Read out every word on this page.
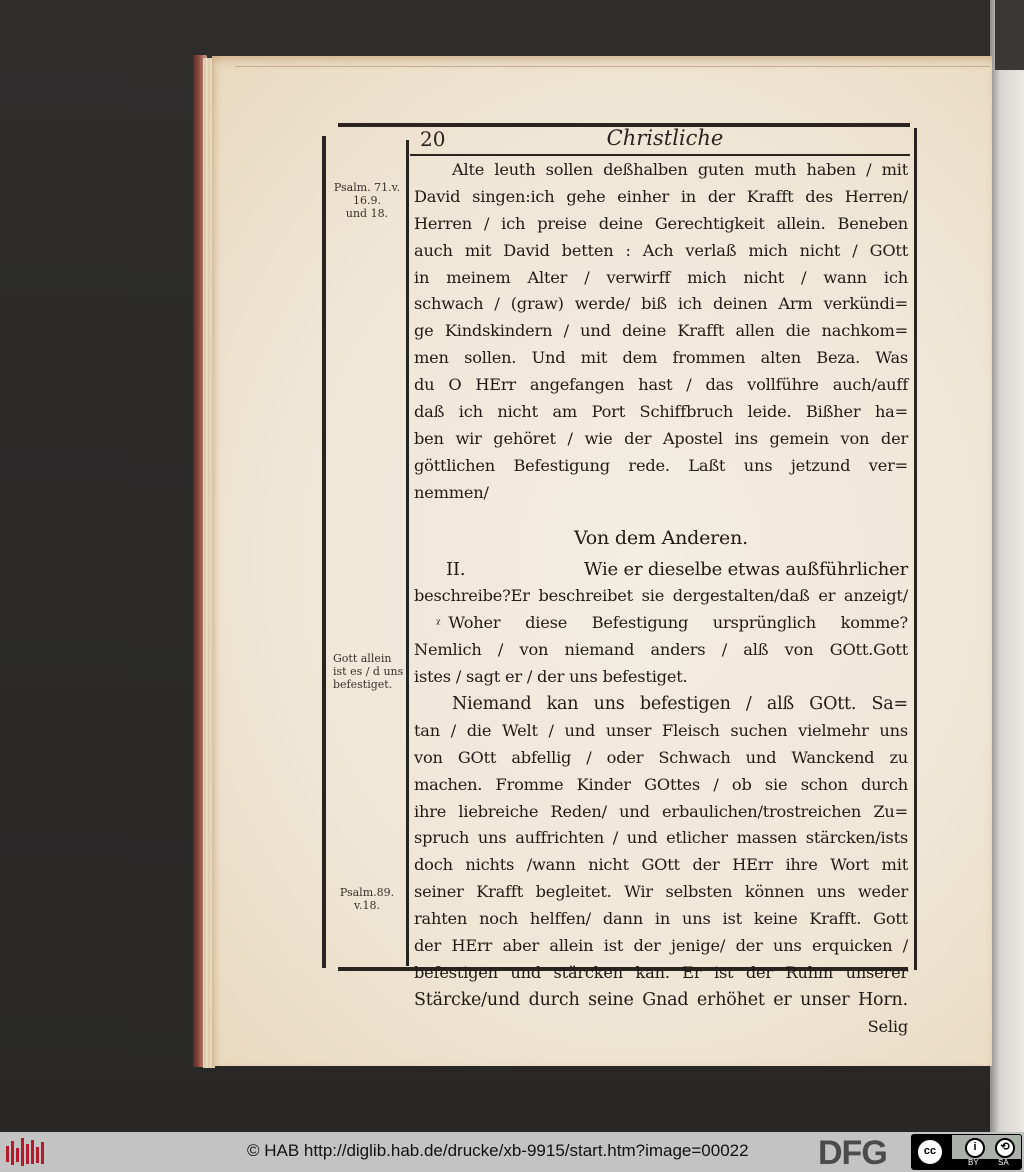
20	Christliche
Psalm. 71.v.
16.9.
und 18.
Gott allein
ist es / d uns
befestiget.
Psalm.89.
v.18.
Alte leuth sollen deßhalben guten muth haben / mit
David singen:ich gehe einher in der Krafft des Herren/
Herren / ich preise deine Gerechtigkeit allein. Beneben
auch mit David betten : Ach verlaß mich nicht / GOtt
in meinem Alter / verwirff mich nicht / wann ich
schwach / (graw) werde/ biß ich deinen Arm verkündi=
ge Kindskindern / und deine Krafft allen die nachkom=
men sollen. Und mit dem frommen alten Beza. Was
du O HErr angefangen hast / das vollführe auch/auff
daß ich nicht am Port Schiffbruch leide. Bißher ha=
ben wir gehöret / wie der Apostel ins gemein von der
göttlichen Befestigung rede. Laßt uns jetzund ver=
nemmen/
Von dem Anderen.
II.	Wie er dieselbe etwas außführlicher
beschreibe?Er beschreibet sie dergestalten/daß er anzeigt/
ᵡ Woher diese Befestigung ursprünglich komme?
Nemlich / von niemand anders / alß von GOtt.Gott
istes / sagt er / der uns befestiget.
Niemand kan uns befestigen / alß GOtt. Sa=
tan / die Welt / und unser Fleisch suchen vielmehr uns
von GOtt abfellig / oder Schwach und Wanckend zu
machen. Fromme Kinder GOttes / ob sie schon durch
ihre liebreiche Reden/ und erbaulichen/trostreichen Zu=
spruch uns auffrichten / und etlicher massen stärcken/ists
doch nichts /wann nicht GOtt der HErr ihre Wort mit
seiner Krafft begleitet. Wir selbsten können uns weder
rahten noch helffen/ dann in uns ist keine Krafft. Gott
der HErr aber allein ist der jenige/ der uns erquicken /
befestigen und stärcken kan. Er ist der Ruhm unserer
Stärcke/und durch seine Gnad erhöhet er unser Horn.
Selig
© HAB http://diglib.hab.de/drucke/xb-9915/start.htm?image=00022 DFG	cc	i	⟲
BY SA
